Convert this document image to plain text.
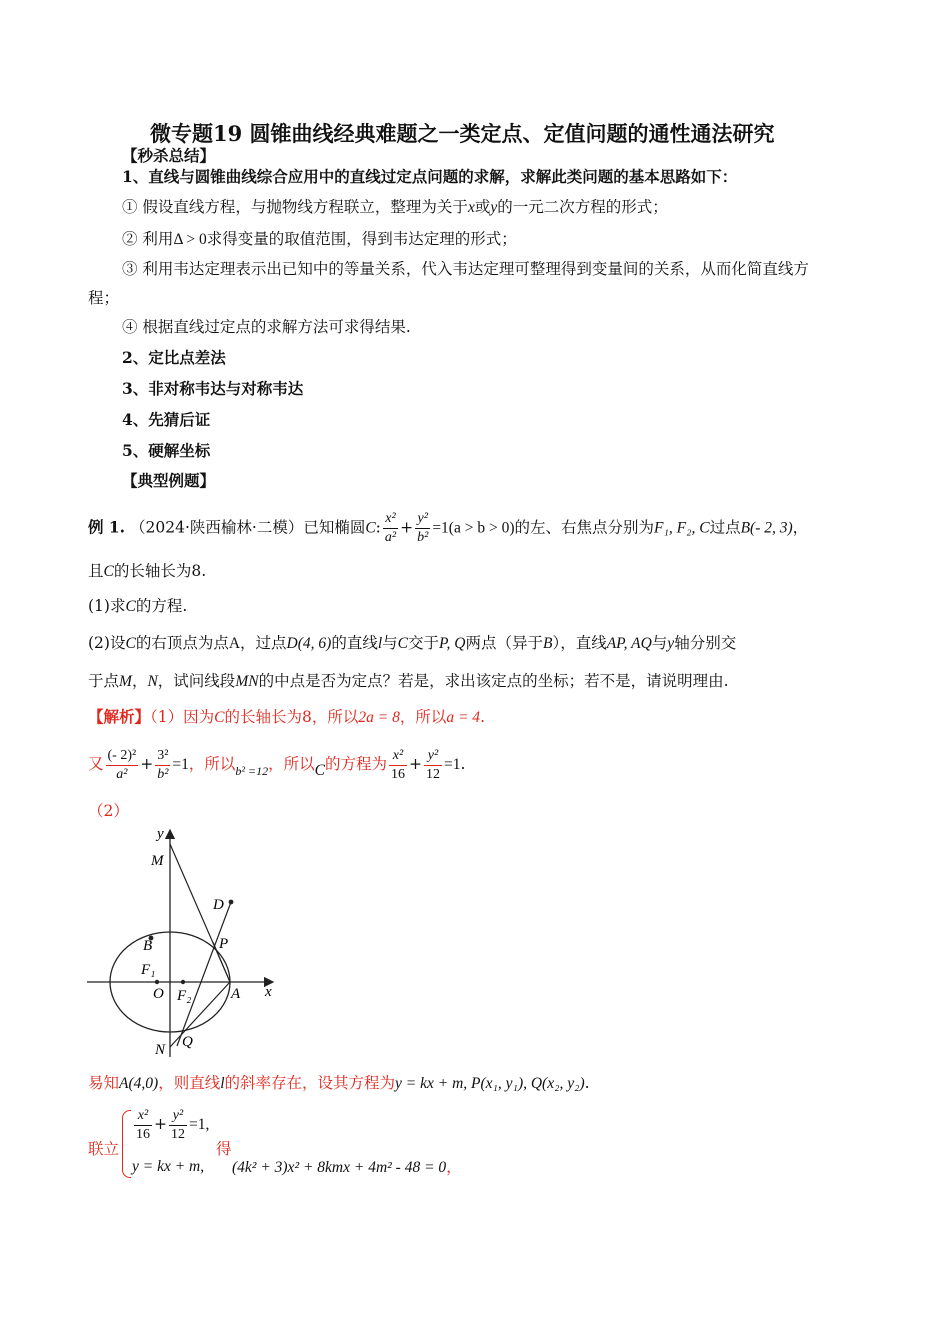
微专题19 圆锥曲线经典难题之一类定点、定值问题的通性通法研究
【秒杀总结】
1、直线与圆锥曲线综合应用中的直线过定点问题的求解，求解此类问题的基本思路如下：
① 假设直线方程，与抛物线方程联立，整理为关于x或y的一元二次方程的形式；
② 利用Δ > 0求得变量的取值范围，得到韦达定理的形式；
③ 利用韦达定理表示出已知中的等量关系，代入韦达定理可整理得到变量间的关系，从而化简直线方
程；
④ 根据直线过定点的求解方法可求得结果.
2、定比点差法
3、非对称韦达与对称韦达
4、先猜后证
5、硬解坐标
【典型例题】
例 1. （2024·陕西榆林·二模）已知椭圆C: $\frac{\text{x²}}{\text{a²}} + \frac{\text{y²}}{\text{b²}} =1(a > b > 0)$的左、右焦点分别为F₁, F₂, C过点B(- 2, 3)，
且C的长轴长为8.
(1)求C的方程.
(2)设C的右顶点为点A，过点D(4, 6)的直线l与C交于P, Q两点（异于B），直线AP, AQ与y轴分别交
于点M，N，试问线段MN的中点是否为定点？若是，求出该定点的坐标；若不是，请说明理由.
【解析】（1）因为C的长轴长为8，所以2a = 8，所以a = 4.
又 $\frac{\text{(- 2)²}}{\text{a²}} + \frac{\text{3²}}{\text{b²}} =1$，所以$_{b^2 =12}$，所以C的方程为 $\frac{\text{x²}}{16} + \frac{\text{y²}}{12} =1$.
（2）
y
M
D
P
B
F₁
O F₂	A x
N Q
易知A(4,0)，则直线l的斜率存在，设其方程为y = kx + m, P(x₁, y₁), Q(x₂, y₂).
联立
$\frac{\text{x²}}{16} + \frac{\text{y²}}{12} =1$,
y = kx + m,
得
(4k² + 3)x² + 8kmx + 4m² - 48 = 0，
